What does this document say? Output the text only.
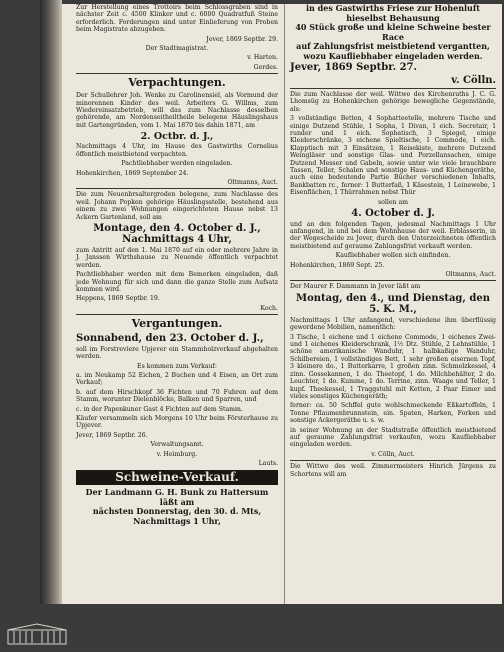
Zur Herstellung eines Trottoirs beim Schlossgraben sind in nächster Zeit c. 4500 Klinker und c. 6000 Quadratfuß Steine erforderlich. Forderungen sind unter Einlieferung von Proben beim Magistrate abzugeben.

Jever, 1869 Septbr. 29.

Der Stadtmagistrat.

v. Harten.

Gerdes.

Verpachtungen.

Der Schullehrer Joh. Wenke zu Carolinensiel, als Vormund der minorennen Kinder des weil. Arbeiters G. Willms, zum Wiedereinsatzbetrieb, will das zum Nachlasse desselben gehörende, am Nordenseitheiltheile belegene Häuslingshaus mit Gartengründen, vom 1. Mai 1870 bis dahin 1871, am

2. Octbr. d. J.,

Nachmittags 4 Uhr, im Hause des Gastwirths Cornelius öffentlich meistbietend verpachten.

Pachtliebhaber werden eingeladen.

Hohenkirchen, 1869 September 24.

Oltmanns, Auct.

Die zum Neuenbrsaltergroden belegene, zum Nachlasse des weil. Johann Popken gehörige Häuslingsstelle, bestehend aus einem zu zwei Wohnungen eingerichteten Hause nebst 13 Ackern Gartenland, soll am

Montage, den 4. October d. J., Nachmittags 4 Uhr,

zum Antritt auf den 1. Mai 1870 auf ein oder mehrere Jahre in J. Janssen Wirthshause zu Neuende öffentlich verpachtet werden.

Pachtliebhaber werden mit dem Bemerken eingeladen, daß jede Wohnung für sich und dann die ganze Stelle zum Aufsatz kommen wird.

Heppens, 1869 Septbr. 19.

Koch.

Vergantungen.
Sonnabend, den 23. October d. J.,

soll im Forstreviere Upjever ein Stammholzverkauf abgehalten werden.

Es kommen zum Verkauf:

a. im Neukamp 52 Eichen, 2 Buchen und 4 Eisen, an Ort zum Verkauf;

b. auf dem Hirschkopf 36 Fichten und 70 Fuhren auf dem Stamm, worunter Dielenblöcke, Balken und Sparren, und

c. in der Papenkuner Gast 4 Fichten auf dem Stamm.

Käufer versammeln sich Morgens 10 Uhr beim Försterhause zu Upjever.

Jever, 1869 Septbr. 26.

Verwaltungsamt.

v. Heimburg.

Lauts.

Schweine-Verkauf.

Der Landmann G. H. Bunk zu Hattersum läßt am

nächsten Donnerstag, den 30. d. Mts, Nachmittags 1 Uhr,

in des Gastwirths Friese zur Hohenluft hieselbst Behausung

40 Stück große und kleine Schweine bester Race

auf Zahlungsfrist meistbietend vergantten, wozu Kaufliebhaber eingeladen werden.

Jever, 1869 Septbr. 27.

v. Cölln.

Die zum Nachlasse der weil. Wittwe des Kirchenraths J. C. G. Lhomsüg zu Hohenkirchen gehörige bewegliche Gegenstände, als:

3 vollständige Betten, 4 Sophatteetelle, mehrere Tische und einige Dutzend Stühle, 1 Sopha, 1 Divan, 1 eich. Secretair, 1 runder und 1 eich. Sophatisch, 3 Spiegel, einige Kleiderschränke, 3 eichene Spieltische, 1 Commode, 1 eich. Klapptisch mit 3 Einsätzen, 1 Reisekiste, mehrere Dutzend Weingläser und sonstige Glas- und Porzellansachen, einige Dutzend Messer und Gabeln, sowie unter wie viele brauchbare Tassen, Teller, Schalen und sonstige Haus- und Küchengeräthe, auch eine bedeutende Partie Bücher verschiedenen Inhalts, Bankbatten rc., ferner: 1 Butterfaß, 1 Käsestein, 1 Leinewebe, 1 Eisenflächen, 1 Thürrahmen nebst Thür

sollen am

4. October d. J.

und an den folgenden Tagen, jedesmal Nachmittags 1 Uhr anfangend, in und bei dem Wohnhause der weil. Erblasserin, in der Wegescheide zu Jever, durch den Unterzeichneten öffentlich meistbietend auf geraume Zahlungsfrist verkauft werden.

Kaufliebhaber wollen sich einfinden.

Hohenkirchen, 1869 Sept. 25.

Oltmanns, Auct.

Der Maurer F. Dammann in Jever läßt am

Montag, den 4., und Dienstag, den 5. K. M.,

Nachmittags 1 Uhr anfangend, verschiedene ihm überflüssig gewordene Mobilien, namentlich:

3 Tische, 1 eichene und 1 eichene Commode, 1 eichenes Zwei- und 1 eichenes Kleiderschrank, 1½ Dtz. Stühle, 2 Lehnstühle, 1 schöne amerikanische Wanduhr, 1 halbkaßige Wanduhr, Schilbereien, 1 vollständiges Bett, 1 sehr großen eisernen Topf, 3 kleinere do., 1 Butterkarre, 1 großen zinn. Schmelzkessel, 4 zinn. Gossekannen, 1 do. Theetopf, 1 do. Milchbehälter, 2 do. Leuchter, 1 do. Kumme, 1 do. Terrine, zinn. Waage und Teller, 1 kupf. Theekessel, 1 Traggstuhl mit Ketten, 2 Paar Eimer und vieles sonstiges Küchengeräth;

ferner: ca. 50 Schffel gute wohlschmeckende Eßkartoffeln, 1 Tonne Pflaumenbrunnstein, ein. Spaten, Harken, Forken und sonstige Ackergeräthe u. s. w.

in seiner Wohnung an der Stadtstraße öffentlich meistbietend auf geraume Zahlungsfrist verkaufen, wozu Kaufliebhaber eingeladen werden.

v. Cölln, Auct.

Die Wittwe des weil. Zimmermeisters Hinrich Jürgens zu Schortens will am
